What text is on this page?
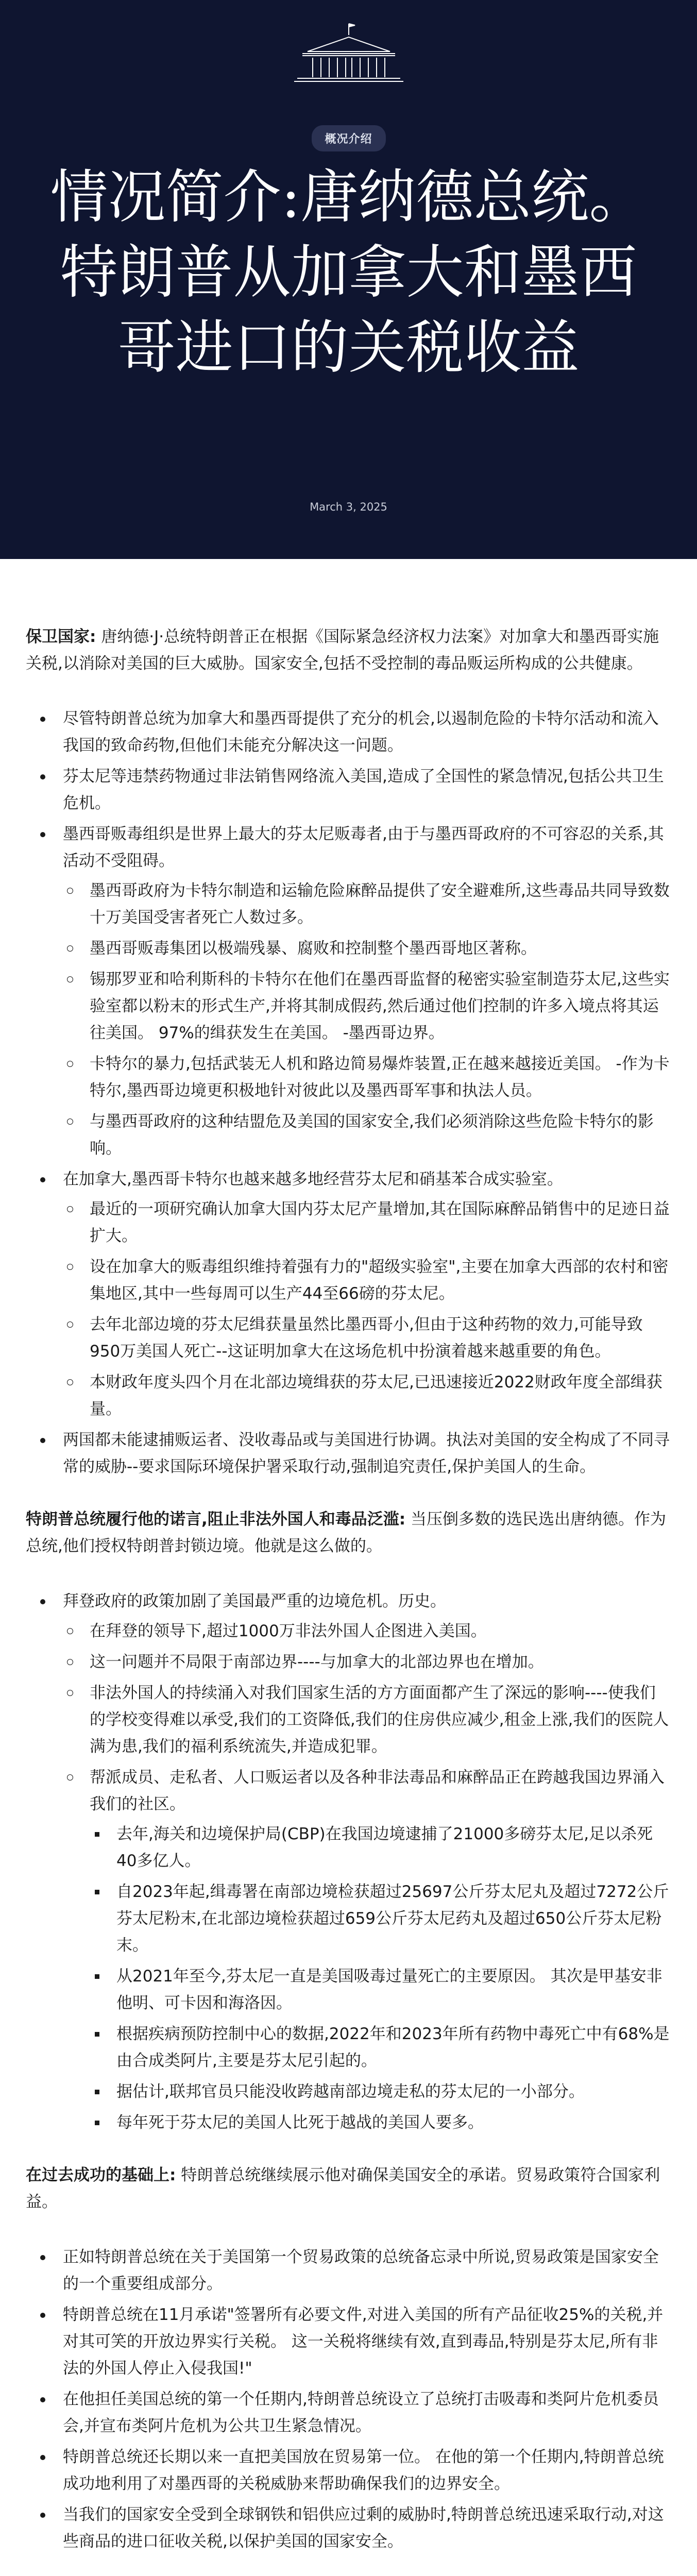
概况介绍
情况简介:唐纳德总统。特朗普从加拿大和墨西哥进口的关税收益
March 3, 2025

保卫国家: 唐纳德·J·总统特朗普正在根据《国际紧急经济权力法案》对加拿大和墨西哥实施关税,以消除对美国的巨大威胁。国家安全,包括不受控制的毒品贩运所构成的公共健康。

尽管特朗普总统为加拿大和墨西哥提供了充分的机会,以遏制危险的卡特尔活动和流入我国的致命药物,但他们未能充分解决这一问题。
芬太尼等违禁药物通过非法销售网络流入美国,造成了全国性的紧急情况,包括公共卫生危机。
墨西哥贩毒组织是世界上最大的芬太尼贩毒者,由于与墨西哥政府的不可容忍的关系,其活动不受阻碍。
墨西哥政府为卡特尔制造和运输危险麻醉品提供了安全避难所,这些毒品共同导致数十万美国受害者死亡人数过多。
墨西哥贩毒集团以极端残暴、腐败和控制整个墨西哥地区著称。
锡那罗亚和哈利斯科的卡特尔在他们在墨西哥监督的秘密实验室制造芬太尼,这些实验室都以粉末的形式生产,并将其制成假药,然后通过他们控制的许多入境点将其运往美国。 97%的缉获发生在美国。 -墨西哥边界。
卡特尔的暴力,包括武装无人机和路边简易爆炸装置,正在越来越接近美国。 -作为卡特尔,墨西哥边境更积极地针对彼此以及墨西哥军事和执法人员。
与墨西哥政府的这种结盟危及美国的国家安全,我们必须消除这些危险卡特尔的影响。
在加拿大,墨西哥卡特尔也越来越多地经营芬太尼和硝基苯合成实验室。
最近的一项研究确认加拿大国内芬太尼产量增加,其在国际麻醉品销售中的足迹日益扩大。
设在加拿大的贩毒组织维持着强有力的"超级实验室",主要在加拿大西部的农村和密集地区,其中一些每周可以生产44至66磅的芬太尼。
去年北部边境的芬太尼缉获量虽然比墨西哥小,但由于这种药物的效力,可能导致950万美国人死亡--这证明加拿大在这场危机中扮演着越来越重要的角色。
本财政年度头四个月在北部边境缉获的芬太尼,已迅速接近2022财政年度全部缉获量。
两国都未能逮捕贩运者、没收毒品或与美国进行协调。执法对美国的安全构成了不同寻常的威胁--要求国际环境保护署采取行动,强制追究责任,保护美国人的生命。

特朗普总统履行他的诺言,阻止非法外国人和毒品泛滥: 当压倒多数的选民选出唐纳德。作为总统,他们授权特朗普封锁边境。他就是这么做的。

拜登政府的政策加剧了美国最严重的边境危机。历史。
在拜登的领导下,超过1000万非法外国人企图进入美国。
这一问题并不局限于南部边界----与加拿大的北部边界也在增加。
非法外国人的持续涌入对我们国家生活的方方面面都产生了深远的影响----使我们的学校变得难以承受,我们的工资降低,我们的住房供应减少,租金上涨,我们的医院人满为患,我们的福利系统流失,并造成犯罪。
帮派成员、走私者、人口贩运者以及各种非法毒品和麻醉品正在跨越我国边界涌入我们的社区。
去年,海关和边境保护局(CBP)在我国边境逮捕了21000多磅芬太尼,足以杀死40多亿人。
自2023年起,缉毒署在南部边境检获超过25697公斤芬太尼丸及超过7272公斤芬太尼粉末,在北部边境检获超过659公斤芬太尼药丸及超过650公斤芬太尼粉末。
从2021年至今,芬太尼一直是美国吸毒过量死亡的主要原因。 其次是甲基安非他明、可卡因和海洛因。
根据疾病预防控制中心的数据,2022年和2023年所有药物中毒死亡中有68%是由合成类阿片,主要是芬太尼引起的。
据估计,联邦官员只能没收跨越南部边境走私的芬太尼的一小部分。
每年死于芬太尼的美国人比死于越战的美国人要多。

在过去成功的基础上: 特朗普总统继续展示他对确保美国安全的承诺。贸易政策符合国家利益。

正如特朗普总统在关于美国第一个贸易政策的总统备忘录中所说,贸易政策是国家安全的一个重要组成部分。
特朗普总统在11月承诺"签署所有必要文件,对进入美国的所有产品征收25%的关税,并对其可笑的开放边界实行关税。 这一关税将继续有效,直到毒品,特别是芬太尼,所有非法的外国人停止入侵我国!"
在他担任美国总统的第一个任期内,特朗普总统设立了总统打击吸毒和类阿片危机委员会,并宣布类阿片危机为公共卫生紧急情况。
特朗普总统还长期以来一直把美国放在贸易第一位。 在他的第一个任期内,特朗普总统成功地利用了对墨西哥的关税威胁来帮助确保我们的边界安全。
当我们的国家安全受到全球钢铁和铝供应过剩的威胁时,特朗普总统迅速采取行动,对这些商品的进口征收关税,以保护美国的国家安全。
